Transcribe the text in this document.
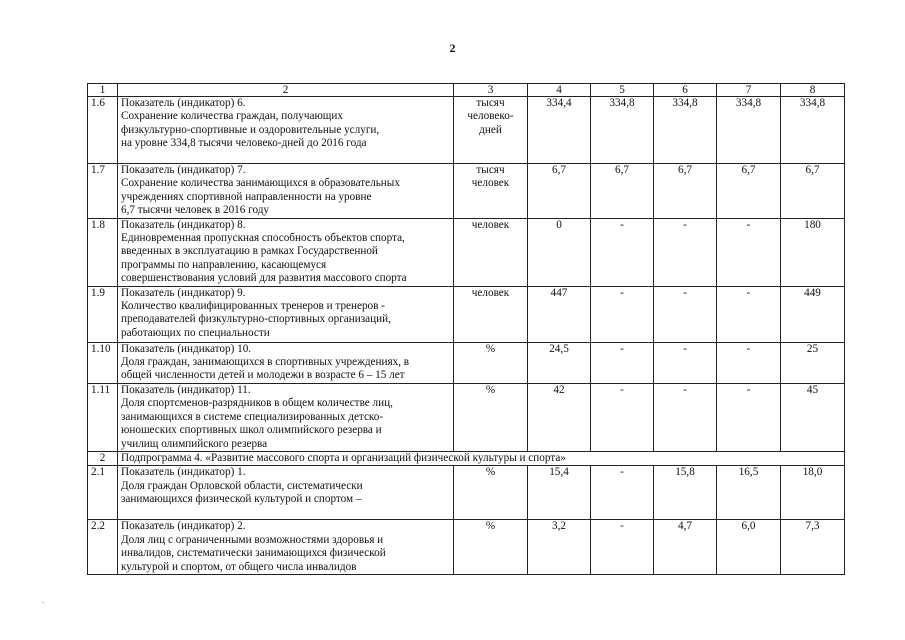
2
1	2	3	4	5	6	7	8
1.6	Показатель (индикатор) 6.
Сохранение количества граждан, получающих
физкультурно-спортивные и оздоровительные услуги,
на уровне 334,8 тысячи человеко-дней до 2016 года	тысяч
человеко-
дней	334,4	334,8	334,8	334,8	334,8
1.7	Показатель (индикатор) 7.
Сохранение количества занимающихся в образовательных
учреждениях спортивной направленности на уровне
6,7 тысячи человек в 2016 году	тысяч
человек	6,7	6,7	6,7	6,7	6,7
1.8	Показатель (индикатор) 8.
Единовременная пропускная способность объектов спорта,
введенных в эксплуатацию в рамках Государственной
программы по направлению, касающемуся
совершенствования условий для развития массового спорта	человек	0	-	-	-	180
1.9	Показатель (индикатор) 9.
Количество квалифицированных тренеров и тренеров -
преподавателей физкультурно-спортивных организаций,
работающих по специальности	человек	447	-	-	-	449
1.10	Показатель (индикатор) 10.
Доля граждан, занимающихся в спортивных учреждениях, в
общей численности детей и молодежи в возрасте 6 – 15 лет	%	24,5	-	-	-	25
1.11	Показатель (индикатор) 11.
Доля спортсменов-разрядников в общем количестве лиц,
занимающихся в системе специализированных детско-
юношеских спортивных школ олимпийского резерва и
училищ олимпийского резерва	%	42	-	-	-	45
2	Подпрограмма 4. «Развитие массового спорта и организаций физической культуры и спорта»						
2.1	Показатель (индикатор) 1.
Доля граждан Орловской области, систематически
занимающихся физической культурой и спортом –	%	15,4	-	15,8	16,5	18,0
2.2	Показатель (индикатор) 2.
Доля лиц с ограниченными возможностями здоровья и
инвалидов, систематически занимающихся физической
культурой и спортом, от общего числа инвалидов	%	3,2	-	4,7	6,0	7,3
